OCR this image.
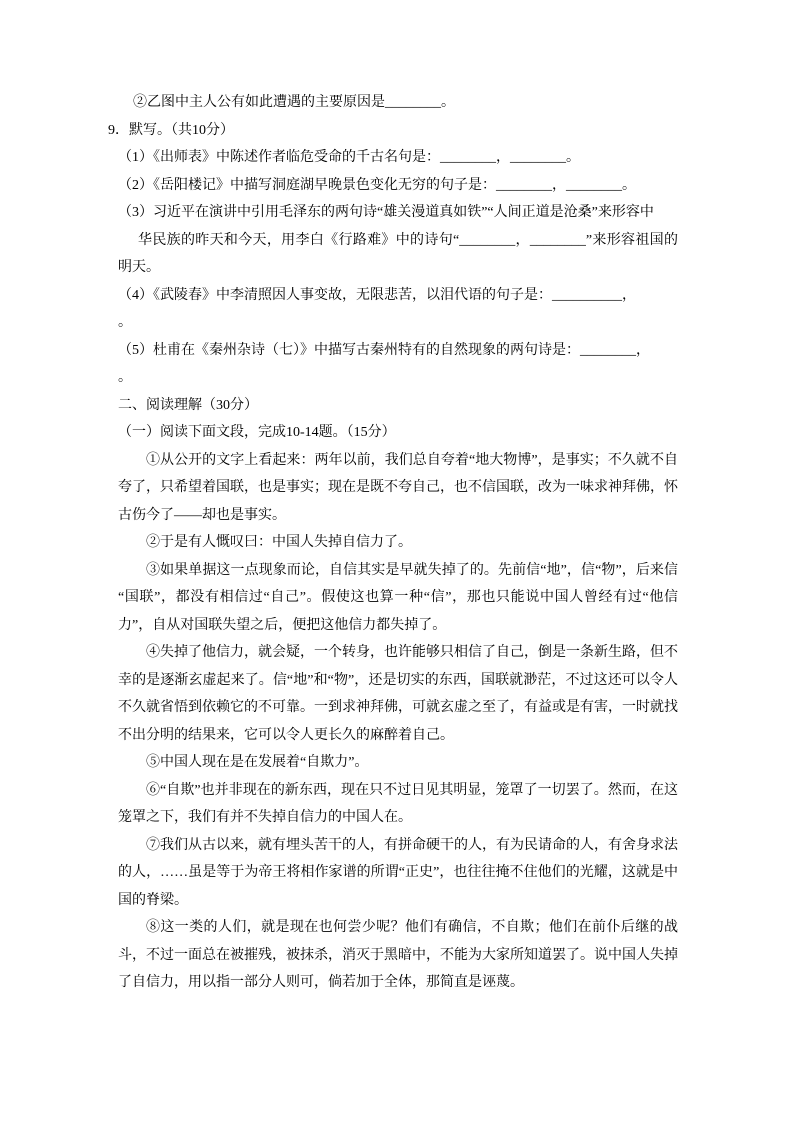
②乙图中主人公有如此遭遇的主要原因是________。

9．默写。（共10分）

（1）《出师表》中陈述作者临危受命的千古名句是：________，________。

（2）《岳阳楼记》中描写洞庭湖早晚景色变化无穷的句子是：________，________。

（3）习近平在演讲中引用毛泽东的两句诗“雄关漫道真如铁”“人间正道是沧桑”来形容中

华民族的昨天和今天，用李白《行路难》中的诗句“________，________”来形容祖国的明天。

（4）《武陵春》中李清照因人事变故，无限悲苦，以泪代语的句子是：__________，

。

（5）杜甫在《秦州杂诗（七）》中描写古秦州特有的自然现象的两句诗是：________，

。

二、阅读理解（30分）

（一）阅读下面文段，完成10-14题。（15分）

①从公开的文字上看起来：两年以前，我们总自夸着“地大物博”，是事实；不久就不自夸了，只希望着国联，也是事实；现在是既不夸自己，也不信国联，改为一味求神拜佛，怀古伤今了——却也是事实。

②于是有人慨叹曰：中国人失掉自信力了。

③如果单据这一点现象而论，自信其实是早就失掉了的。先前信“地”，信“物”，后来信“国联”，都没有相信过“自己”。假使这也算一种“信”，那也只能说中国人曾经有过“他信力”，自从对国联失望之后，便把这他信力都失掉了。

④失掉了他信力，就会疑，一个转身，也许能够只相信了自己，倒是一条新生路，但不幸的是逐渐玄虚起来了。信“地”和“物”，还是切实的东西，国联就渺茫，不过这还可以令人不久就省悟到依赖它的不可靠。一到求神拜佛，可就玄虚之至了，有益或是有害，一时就找不出分明的结果来，它可以令人更长久的麻醉着自己。

⑤中国人现在是在发展着“自欺力”。

⑥“自欺”也并非现在的新东西，现在只不过日见其明显，笼罩了一切罢了。然而，在这笼罩之下，我们有并不失掉自信力的中国人在。

⑦我们从古以来，就有埋头苦干的人，有拼命硬干的人，有为民请命的人，有舍身求法的人，……虽是等于为帝王将相作家谱的所谓“正史”，也往往掩不住他们的光耀，这就是中国的脊梁。

⑧这一类的人们，就是现在也何尝少呢？他们有确信，不自欺；他们在前仆后继的战斗，不过一面总在被摧残，被抹杀，消灭于黑暗中，不能为大家所知道罢了。说中国人失掉了自信力，用以指一部分人则可，倘若加于全体，那简直是诬蔑。
